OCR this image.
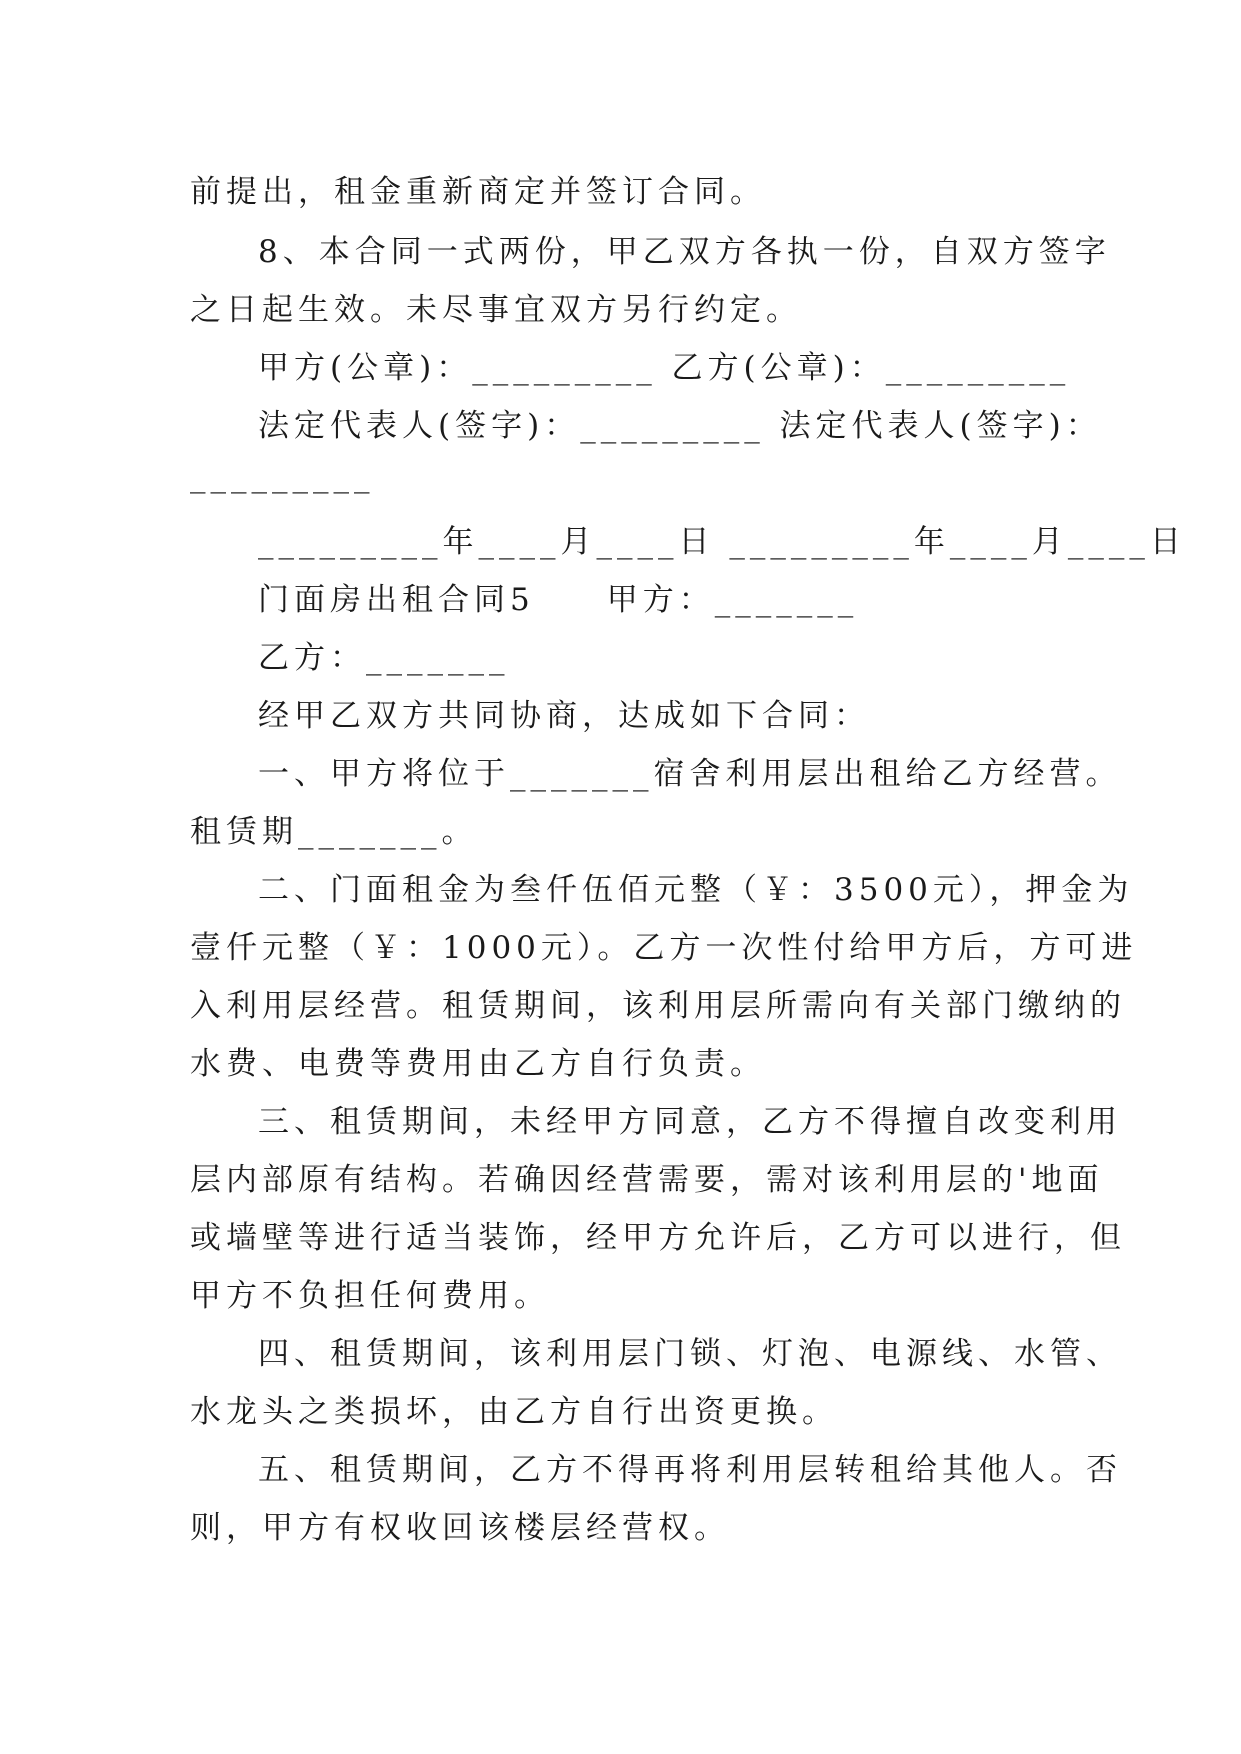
前提出，租金重新商定并签订合同。
8、本合同一式两份，甲乙双方各执一份，自双方签字
之日起生效。未尽事宜双方另行约定。
甲方(公章)：_________ 乙方(公章)：_________
法定代表人(签字)：_________ 法定代表人(签字)：
_________
_________年____月____日 _________年____月____日
门面房出租合同5　　甲方：_______
乙方：_______
经甲乙双方共同协商，达成如下合同：
一、甲方将位于_______宿舍利用层出租给乙方经营。
租赁期_______。
二、门面租金为叁仟伍佰元整（￥：3500元），押金为
壹仟元整（￥：1000元）。乙方一次性付给甲方后，方可进
入利用层经营。租赁期间，该利用层所需向有关部门缴纳的
水费、电费等费用由乙方自行负责。
三、租赁期间，未经甲方同意，乙方不得擅自改变利用
层内部原有结构。若确因经营需要，需对该利用层的'地面
或墙壁等进行适当装饰，经甲方允许后，乙方可以进行，但
甲方不负担任何费用。
四、租赁期间，该利用层门锁、灯泡、电源线、水管、
水龙头之类损坏，由乙方自行出资更换。
五、租赁期间，乙方不得再将利用层转租给其他人。否
则，甲方有权收回该楼层经营权。
